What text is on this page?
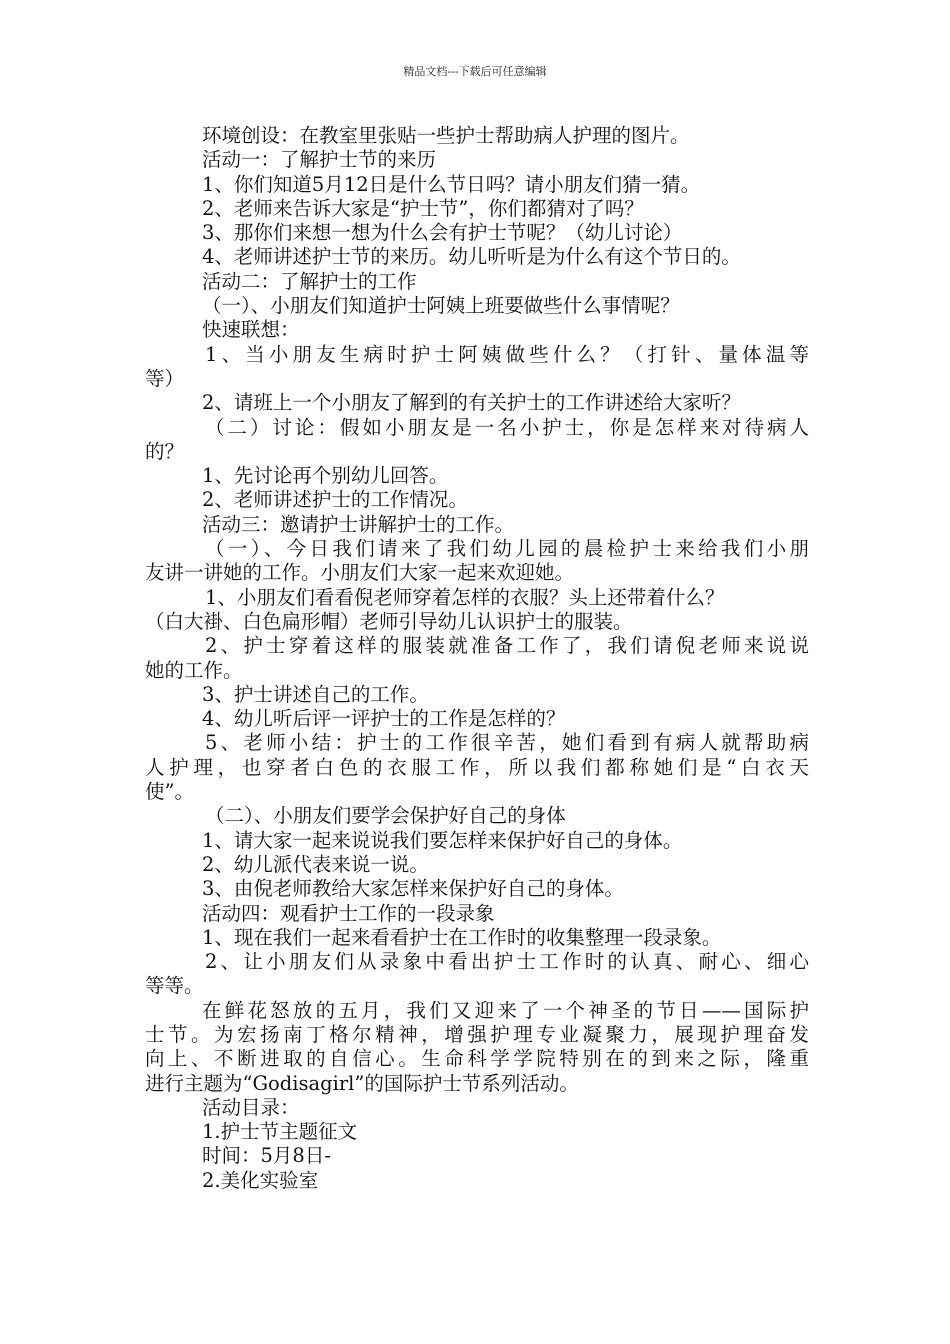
精品文档---下载后可任意编辑
环境创设：在教室里张贴一些护士帮助病人护理的图片。
活动一：了解护士节的来历
1、你们知道5月12日是什么节日吗？请小朋友们猜一猜。
2、老师来告诉大家是“护士节”，你们都猜对了吗？
3、那你们来想一想为什么会有护士节呢？（幼儿讨论）
4、老师讲述护士节的来历。幼儿听听是为什么有这个节日的。
活动二：了解护士的工作
（一）、小朋友们知道护士阿姨上班要做些什么事情呢？
快速联想：
1、当小朋友生病时护士阿姨做些什么？（打针、量体温等
等）
2、请班上一个小朋友了解到的有关护士的工作讲述给大家听？
（二）讨论：假如小朋友是一名小护士，你是怎样来对待病人
的？
1、先讨论再个别幼儿回答。
2、老师讲述护士的工作情况。
活动三：邀请护士讲解护士的工作。
（一）、今日我们请来了我们幼儿园的晨检护士来给我们小朋
友讲一讲她的工作。小朋友们大家一起来欢迎她。
1、小朋友们看看倪老师穿着怎样的衣服？头上还带着什么？
（白大褂、白色扁形帽）老师引导幼儿认识护士的服装。
2、护士穿着这样的服装就准备工作了，我们请倪老师来说说
她的工作。
3、护士讲述自己的工作。
4、幼儿听后评一评护士的工作是怎样的？
5、老师小结：护士的工作很辛苦，她们看到有病人就帮助病
人护理，也穿者白色的衣服工作，所以我们都称她们是“白衣天
使”。
（二）、小朋友们要学会保护好自己的身体
1、请大家一起来说说我们要怎样来保护好自己的身体。
2、幼儿派代表来说一说。
3、由倪老师教给大家怎样来保护好自己的身体。
活动四：观看护士工作的一段录象
1、现在我们一起来看看护士在工作时的收集整理一段录象。
2、让小朋友们从录象中看出护士工作时的认真、耐心、细心
等等。
在鲜花怒放的五月，我们又迎来了一个神圣的节日——国际护
士节。为宏扬南丁格尔精神，增强护理专业凝聚力，展现护理奋发
向上、不断进取的自信心。生命科学学院特别在的到来之际，隆重
进行主题为“Godisagirl”的国际护士节系列活动。
活动目录：
1.护士节主题征文
时间：5月8日-
2.美化实验室
